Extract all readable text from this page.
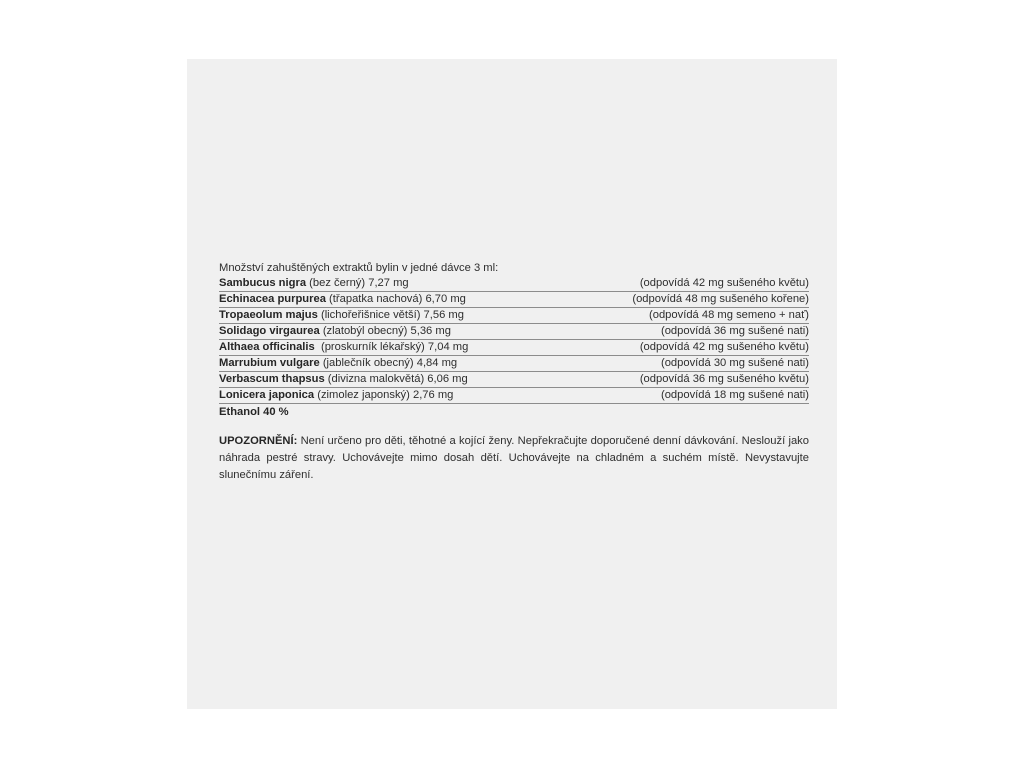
Množství zahuštěných extraktů bylin v jedné dávce 3 ml:
Sambucus nigra (bez černý) 7,27 mg	(odpovídá 42 mg sušeného květu)
Echinacea purpurea (třapatka nachová) 6,70 mg	(odpovídá 48 mg sušeného kořene)
Tropaeolum majus (lichořeřišnice větší) 7,56 mg	(odpovídá 48 mg semeno + nať)
Solidago virgaurea (zlatobýl obecný) 5,36 mg	(odpovídá 36 mg sušené nati)
Althaea officinalis  (proskurník lékařský) 7,04 mg	(odpovídá 42 mg sušeného květu)
Marrubium vulgare (jablečník obecný) 4,84 mg	(odpovídá 30 mg sušené nati)
Verbascum thapsus (divizna malokvětá) 6,06 mg	(odpovídá 36 mg sušeného květu)
Lonicera japonica (zimolez japonský) 2,76 mg	(odpovídá 18 mg sušené nati)
Ethanol 40 %
UPOZORNĚNÍ: Není určeno pro děti, těhotné a kojící ženy. Nepřekračujte doporučené denní dávkování. Neslouží jako náhrada pestré stravy. Uchovávejte mimo dosah dětí. Uchovávejte na chladném a suchém místě. Nevystavujte slunečnímu záření.
